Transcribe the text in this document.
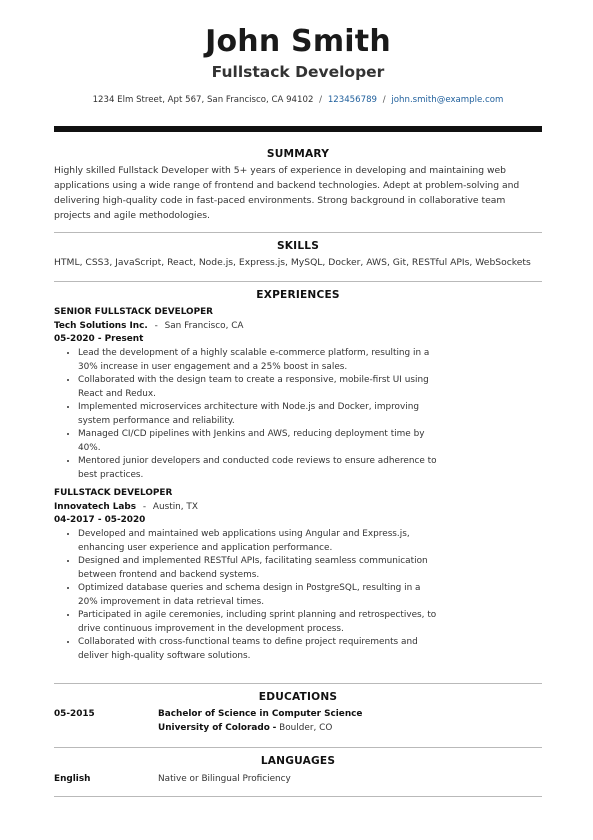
John Smith
Fullstack Developer
1234 Elm Street, Apt 567, San Francisco, CA 94102 / 123456789 / john.smith@example.com
SUMMARY
Highly skilled Fullstack Developer with 5+ years of experience in developing and maintaining web applications using a wide range of frontend and backend technologies. Adept at problem-solving and delivering high-quality code in fast-paced environments. Strong background in collaborative team projects and agile methodologies.
SKILLS
HTML, CSS3, JavaScript, React, Node.js, Express.js, MySQL, Docker, AWS, Git, RESTful APIs, WebSockets
EXPERIENCES
SENIOR FULLSTACK DEVELOPER
Tech Solutions Inc. - San Francisco, CA
05-2020 - Present
• Lead the development of a highly scalable e-commerce platform, resulting in a 30% increase in user engagement and a 25% boost in sales.
• Collaborated with the design team to create a responsive, mobile-first UI using React and Redux.
• Implemented microservices architecture with Node.js and Docker, improving system performance and reliability.
• Managed CI/CD pipelines with Jenkins and AWS, reducing deployment time by 40%.
• Mentored junior developers and conducted code reviews to ensure adherence to best practices.
FULLSTACK DEVELOPER
Innovatech Labs - Austin, TX
04-2017 - 05-2020
• Developed and maintained web applications using Angular and Express.js, enhancing user experience and application performance.
• Designed and implemented RESTful APIs, facilitating seamless communication between frontend and backend systems.
• Optimized database queries and schema design in PostgreSQL, resulting in a 20% improvement in data retrieval times.
• Participated in agile ceremonies, including sprint planning and retrospectives, to drive continuous improvement in the development process.
• Collaborated with cross-functional teams to define project requirements and deliver high-quality software solutions.
EDUCATIONS
05-2015	Bachelor of Science in Computer Science
University of Colorado - Boulder, CO
LANGUAGES
English	Native or Bilingual Proficiency
